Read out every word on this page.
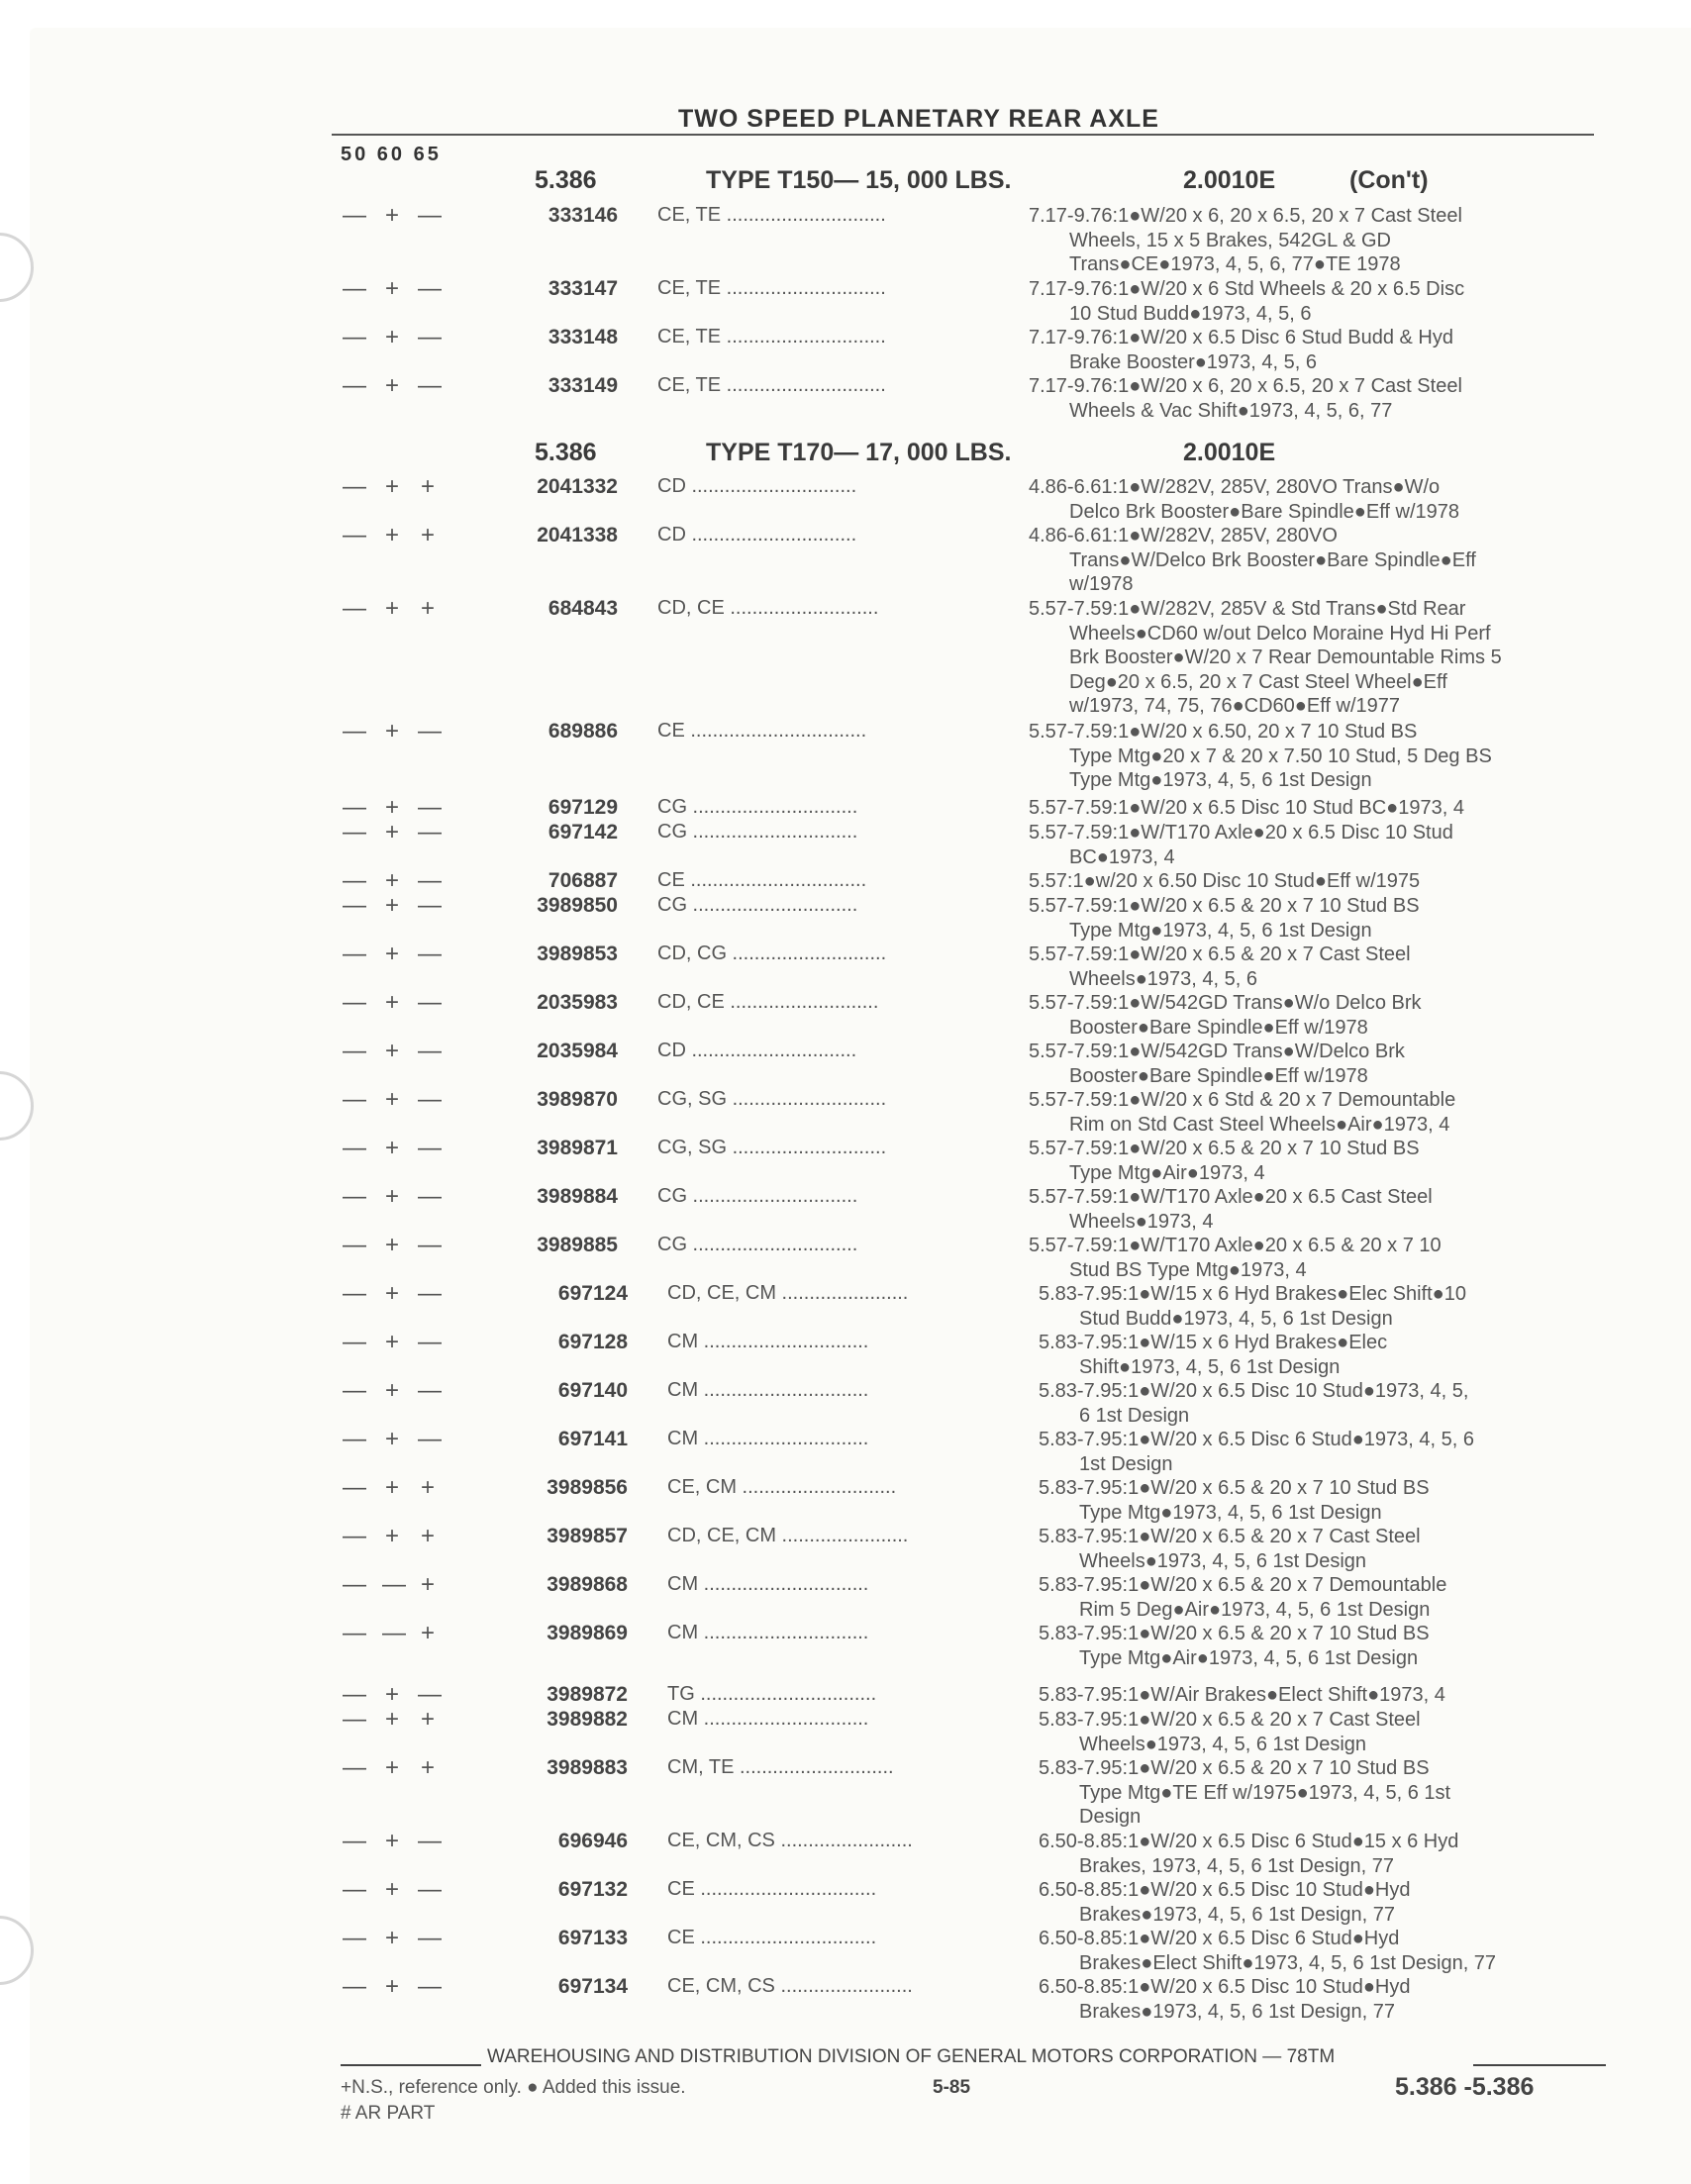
TWO SPEED PLANETARY REAR AXLE
50 60 65
5.386	TYPE T150— 15, 000 LBS.	2.0010E	(Con't)
5.386	TYPE T170— 17, 000 LBS.	2.0010E
— + —	333146 CE, TE .............................	7.17-9.76:1●W/20 x 6, 20 x 6.5, 20 x 7 Cast Steel
Wheels, 15 x 5 Brakes, 542GL & GD
Trans●CE●1973, 4, 5, 6, 77●TE 1978
— + —	333147 CE, TE .............................	7.17-9.76:1●W/20 x 6 Std Wheels & 20 x 6.5 Disc
10 Stud Budd●1973, 4, 5, 6
— + —	333148 CE, TE .............................	7.17-9.76:1●W/20 x 6.5 Disc 6 Stud Budd & Hyd
Brake Booster●1973, 4, 5, 6
— + —	333149 CE, TE .............................	7.17-9.76:1●W/20 x 6, 20 x 6.5, 20 x 7 Cast Steel
Wheels & Vac Shift●1973, 4, 5, 6, 77
— + +	2041332 CD ..............................	4.86-6.61:1●W/282V, 285V, 280VO Trans●W/o
Delco Brk Booster●Bare Spindle●Eff w/1978
— + +	2041338 CD ..............................	4.86-6.61:1●W/282V, 285V, 280VO
Trans●W/Delco Brk Booster●Bare Spindle●Eff
w/1978
— + +	684843 CD, CE ...........................	5.57-7.59:1●W/282V, 285V & Std Trans●Std Rear
Wheels●CD60 w/out Delco Moraine Hyd Hi Perf
Brk Booster●W/20 x 7 Rear Demountable Rims 5
Deg●20 x 6.5, 20 x 7 Cast Steel Wheel●Eff
w/1973, 74, 75, 76●CD60●Eff w/1977
— + —	689886 CE ................................	5.57-7.59:1●W/20 x 6.50, 20 x 7 10 Stud BS
Type Mtg●20 x 7 & 20 x 7.50 10 Stud, 5 Deg BS
Type Mtg●1973, 4, 5, 6 1st Design
— + —	697129 CG ..............................	5.57-7.59:1●W/20 x 6.5 Disc 10 Stud BC●1973, 4
— + —	697142 CG ..............................	5.57-7.59:1●W/T170 Axle●20 x 6.5 Disc 10 Stud
BC●1973, 4
— + —	706887 CE ................................	5.57:1●w/20 x 6.50 Disc 10 Stud●Eff w/1975
— + —	3989850 CG ..............................	5.57-7.59:1●W/20 x 6.5 & 20 x 7 10 Stud BS
Type Mtg●1973, 4, 5, 6 1st Design
— + —	3989853 CD, CG ............................	5.57-7.59:1●W/20 x 6.5 & 20 x 7 Cast Steel
Wheels●1973, 4, 5, 6
— + —	2035983 CD, CE ...........................	5.57-7.59:1●W/542GD Trans●W/o Delco Brk
Booster●Bare Spindle●Eff w/1978
— + —	2035984 CD ..............................	5.57-7.59:1●W/542GD Trans●W/Delco Brk
Booster●Bare Spindle●Eff w/1978
— + —	3989870 CG, SG ............................	5.57-7.59:1●W/20 x 6 Std & 20 x 7 Demountable
Rim on Std Cast Steel Wheels●Air●1973, 4
— + —	3989871 CG, SG ............................	5.57-7.59:1●W/20 x 6.5 & 20 x 7 10 Stud BS
Type Mtg●Air●1973, 4
— + —	3989884 CG ..............................	5.57-7.59:1●W/T170 Axle●20 x 6.5 Cast Steel
Wheels●1973, 4
— + —	3989885 CG ..............................	5.57-7.59:1●W/T170 Axle●20 x 6.5 & 20 x 7 10
Stud BS Type Mtg●1973, 4
— + —	697124 CD, CE, CM .......................	5.83-7.95:1●W/15 x 6 Hyd Brakes●Elec Shift●10
Stud Budd●1973, 4, 5, 6 1st Design
— + —	697128 CM ..............................	5.83-7.95:1●W/15 x 6 Hyd Brakes●Elec
Shift●1973, 4, 5, 6 1st Design
— + —	697140 CM ..............................	5.83-7.95:1●W/20 x 6.5 Disc 10 Stud●1973, 4, 5,
6 1st Design
— + —	697141 CM ..............................	5.83-7.95:1●W/20 x 6.5 Disc 6 Stud●1973, 4, 5, 6
1st Design
— + +	3989856 CE, CM ............................	5.83-7.95:1●W/20 x 6.5 & 20 x 7 10 Stud BS
Type Mtg●1973, 4, 5, 6 1st Design
— + +	3989857 CD, CE, CM .......................	5.83-7.95:1●W/20 x 6.5 & 20 x 7 Cast Steel
Wheels●1973, 4, 5, 6 1st Design
— — +	3989868 CM ..............................	5.83-7.95:1●W/20 x 6.5 & 20 x 7 Demountable
Rim 5 Deg●Air●1973, 4, 5, 6 1st Design
— — +	3989869 CM ..............................	5.83-7.95:1●W/20 x 6.5 & 20 x 7 10 Stud BS
Type Mtg●Air●1973, 4, 5, 6 1st Design
— + —	3989872 TG ................................	5.83-7.95:1●W/Air Brakes●Elect Shift●1973, 4
— + +	3989882 CM ..............................	5.83-7.95:1●W/20 x 6.5 & 20 x 7 Cast Steel
Wheels●1973, 4, 5, 6 1st Design
— + +	3989883 CM, TE ............................	5.83-7.95:1●W/20 x 6.5 & 20 x 7 10 Stud BS
Type Mtg●TE Eff w/1975●1973, 4, 5, 6 1st
Design
— + —	696946 CE, CM, CS ........................	6.50-8.85:1●W/20 x 6.5 Disc 6 Stud●15 x 6 Hyd
Brakes, 1973, 4, 5, 6 1st Design, 77
— + —	697132 CE ................................	6.50-8.85:1●W/20 x 6.5 Disc 10 Stud●Hyd
Brakes●1973, 4, 5, 6 1st Design, 77
— + —	697133 CE ................................	6.50-8.85:1●W/20 x 6.5 Disc 6 Stud●Hyd
Brakes●Elect Shift●1973, 4, 5, 6 1st Design, 77
— + —	697134 CE, CM, CS ........................	6.50-8.85:1●W/20 x 6.5 Disc 10 Stud●Hyd
Brakes●1973, 4, 5, 6 1st Design, 77
WAREHOUSING AND DISTRIBUTION DIVISION OF GENERAL MOTORS CORPORATION — 78TM
+N.S., reference only. ● Added this issue.
# AR PART
5-85	5.386 -5.386
